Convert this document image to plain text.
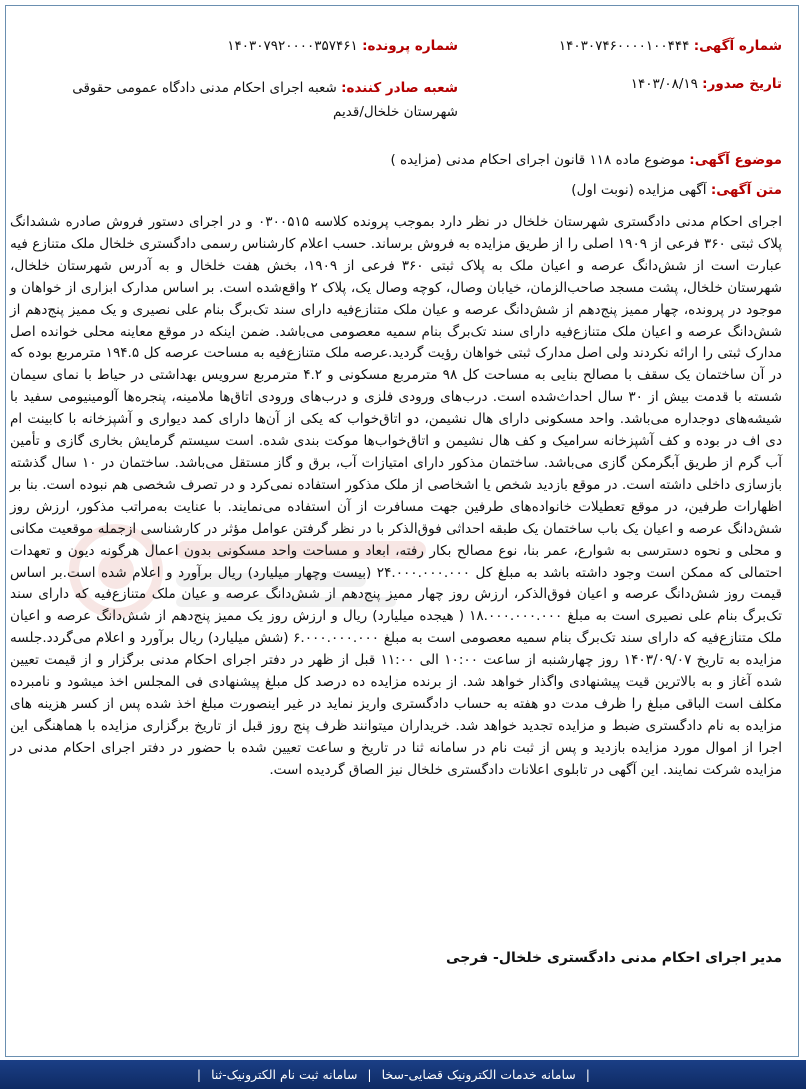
شماره آگهی: ۱۴۰۳۰۷۴۶۰۰۰۰۱۰۰۴۴۴
شماره پرونده: ۱۴۰۳۰۷۹۲۰۰۰۰۳۵۷۴۶۱
تاریخ صدور: ۱۴۰۳/۰۸/۱۹
شعبه صادر کننده: شعبه اجرای احکام مدنی دادگاه عمومی حقوقی شهرستان خلخال/قدیم
موضوع آگهی: موضوع ماده ۱۱۸ قانون اجرای احکام مدنی (مزایده )
متن آگهی: آگهی مزایده (نوبت اول)
اجرای احکام مدنی دادگستری شهرستان خلخال در نظر دارد بموجب پرونده کلاسه ۰۳۰۰۵۱۵ و در اجرای دستور فروش صادره ششدانگ پلاک ثبتی ۳۶۰ فرعی از ۱۹۰۹ اصلی را از طریق مزایده به فروش برساند. حسب اعلام کارشناس رسمی دادگستری خلخال ملک متنازع فیه عبارت است از شش‌دانگ عرصه و اعیان ملک به پلاک ثبتی ۳۶۰ فرعی از ۱۹۰۹، بخش هفت خلخال و به آدرس شهرستان خلخال، شهرستان خلخال، پشت مسجد صاحب‌الزمان، خیابان وصال، کوچه وصال یک، پلاک ۲ واقع‌شده است. بر اساس مدارک ابزاری از خواهان و موجود در پرونده، چهار ممیز پنج‌دهم از شش‌دانگ عرصه و عیان ملک متنازع‌فیه دارای سند تک‌برگ بنام علی نصیری و یک ممیز پنج‌دهم از شش‌دانگ عرصه و اعیان ملک متنازع‌فیه دارای سند تک‌برگ بنام سمیه معصومی می‌باشد. ضمن اینکه در موقع معاینه محلی خوانده اصل مدارک ثبتی را ارائه نکردند ولی اصل مدارک ثبتی خواهان رؤیت گردید.عرصه ملک متنازع‌فیه به مساحت عرصه کل ۱۹۴.۵ مترمربع بوده که در آن ساختمان یک سقف با مصالح بنایی به مساحت کل ۹۸ مترمربع مسکونی و ۴.۲ مترمربع سرویس بهداشتی در حیاط با نمای سیمان شسته با قدمت بیش از ۳۰ سال احداث‌شده است. درب‌های ورودی فلزی و درب‌های ورودی اتاق‌ها ملامینه، پنجره‌ها آلومینیومی سفید با شیشه‌های دوجداره می‌باشد. واحد مسکونی دارای هال نشیمن، دو اتاق‌خواب که یکی از آن‌ها دارای کمد دیواری و آشپزخانه با کابینت ام دی اف در بوده و کف آشپزخانه سرامیک و کف هال نشیمن و اتاق‌خواب‌ها موکت بندی شده. است سیستم گرمایش بخاری گازی و تأمین آب گرم از طریق آبگرمکن گازی می‌باشد. ساختمان مذکور دارای امتیازات آب، برق و گاز مستقل می‌باشد. ساختمان در ۱۰ سال گذشته بازسازی داخلی داشته است. در موقع بازدید شخص یا اشخاصی از ملک مذکور استفاده نمی‌کرد و در تصرف شخصی هم نبوده است. بنا بر اظهارات طرفین، در موقع تعطیلات خانواده‌های طرفین جهت مسافرت از آن استفاده می‌نمایند. با عنایت به‌مراتب مذکور، ارزش روز شش‌دانگ عرصه و اعیان یک باب ساختمان یک طبقه احداثی فوق‌الذکر با در نظر گرفتن عوامل مؤثر در کارشناسی ازجمله موقعیت مکانی و محلی و نحوه دسترسی به شوارع، عمر بنا، نوع مصالح بکار رفته، ابعاد و مساحت واحد مسکونی بدون اعمال هرگونه دیون و تعهدات احتمالی که ممکن است وجود داشته باشد به مبلغ کل ۲۴.۰۰۰.۰۰۰.۰۰۰ (بیست وچهار میلیارد) ریال برآورد و اعلام شده است.بر اساس قیمت روز شش‌دانگ عرصه و اعیان فوق‌الذکر، ارزش روز چهار ممیز پنج‌دهم از شش‌دانگ عرصه و عیان ملک متنازع‌فیه که دارای سند تک‌برگ بنام علی نصیری است به مبلغ ۱۸.۰۰۰.۰۰۰.۰۰۰ ( هیجده میلیارد) ریال و ارزش روز یک ممیز پنج‌دهم از شش‌دانگ عرصه و اعیان ملک متنازع‌فیه که دارای سند تک‌برگ بنام سمیه معصومی است به مبلغ ۶.۰۰۰.۰۰۰.۰۰۰ (شش میلیارد) ریال برآورد و اعلام می‌گردد.جلسه مزایده به تاریخ ۱۴۰۳/۰۹/۰۷ روز چهارشنبه از ساعت ۱۰:۰۰ الی ۱۱:۰۰ قبل از ظهر در دفتر اجرای احکام مدنی برگزار و از قیمت تعیین شده آغاز و به بالاترین قیت پیشنهادی واگذار خواهد شد. از برنده مزایده ده درصد کل مبلغ پیشنهادی فی المجلس اخذ میشود و نامبرده مکلف است الباقی مبلغ را ظرف مدت دو هفته به حساب دادگستری واریز نماید در غیر اینصورت مبلغ اخذ شده پس از کسر هزینه های مزایده به نام دادگستری ضبط و مزایده تجدید خواهد شد. خریداران میتوانند ظرف پنج روز قبل از تاریخ برگزاری مزایده با هماهنگی این اجرا از اموال مورد مزایده بازدید و پس از ثبت نام در سامانه ثنا در تاریخ و ساعت تعیین شده با حضور در دفتر اجرای احکام مدنی در مزایده شرکت نمایند. این آگهی در تابلوی اعلانات دادگستری خلخال نیز الصاق گردیده است.
مدیر اجرای احکام مدنی دادگستری خلخال- فرجی
| سامانه خدمات الکترونیک قضایی-سخا | سامانه ثبت نام الکترونیک-ثنا |
